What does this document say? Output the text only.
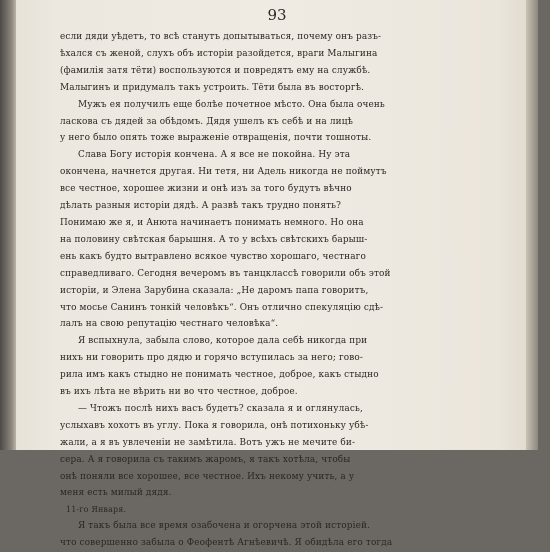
93
если дяди уѣдетъ, то всѣ станутъ допытываться, почему онъ разъ-
ѣхался съ женой, слухъ объ исторіи разойдется, враги Малыгина
(фамилія затя тёти) воспользуются и повредятъ ему на службѣ.
Малыгинъ и придумалъ такъ устроить. Тёти была въ восторгѣ.
Мужъ ея получилъ еще болѣе почетное мѣсто. Она была очень
ласкова съ дядей за обѣдомъ. Дядя ушелъ къ себѣ и на лицѣ
у него было опять тоже выраженіе отвращенія, почти тошноты.
Слава Богу исторія кончена. А я все не покойна. Ну эта
окончена, начнется другая. Ни тетя, ни Адель никогда не поймутъ
все честное, хорошее жизни и онѣ изъ за того будутъ вѣчно
дѣлать разныя исторіи дядѣ. А развѣ такъ трудно понять?
Понимаю же я, и Анюта начинаетъ понимать немного. Но она
на половину свѣтская барышня. А то у всѣхъ свѣтскихъ барыш-
ень какъ будто вытравлено всякое чувство хорошаго, честнаго
справедливаго. Сегодня вечеромъ въ танцклассѣ говорили объ этой
исторіи, и Элена Зарубина сказала: „Не даромъ папа говоритъ,
что мосье Санинъ тонкій человѣкъ“. Онъ отлично спекуляцію сдѣ-
лалъ на свою репутацію честнаго человѣка“.
Я вспыхнула, забыла слово, которое дала себѣ никогда при
нихъ ни говорить про дядю и горячо вступилась за него; гово-
рила имъ какъ стыдно не понимать честное, доброе, какъ стыдно
въ ихъ лѣта не вѣрить ни во что честное, доброе.
— Чтожъ послѣ нихъ васъ будетъ? сказала я и оглянулась,
услыхавъ хохотъ въ углу. Пока я говорила, онѣ потихоньку убѣ-
жали, а я въ увлеченіи не замѣтила. Вотъ ужъ не мечите би-
сера. А я говорила съ такимъ жаромъ, я такъ хотѣла, чтобы
онѣ поняли все хорошее, все честное. Ихъ некому учить, а у
меня есть милый дядя.
11-го Января.
Я такъ была все время озабочена и огорчена этой исторіей.
что совершенно забыла о Феофентѣ Агнѣевичѣ. Я обидѣла его тогда
